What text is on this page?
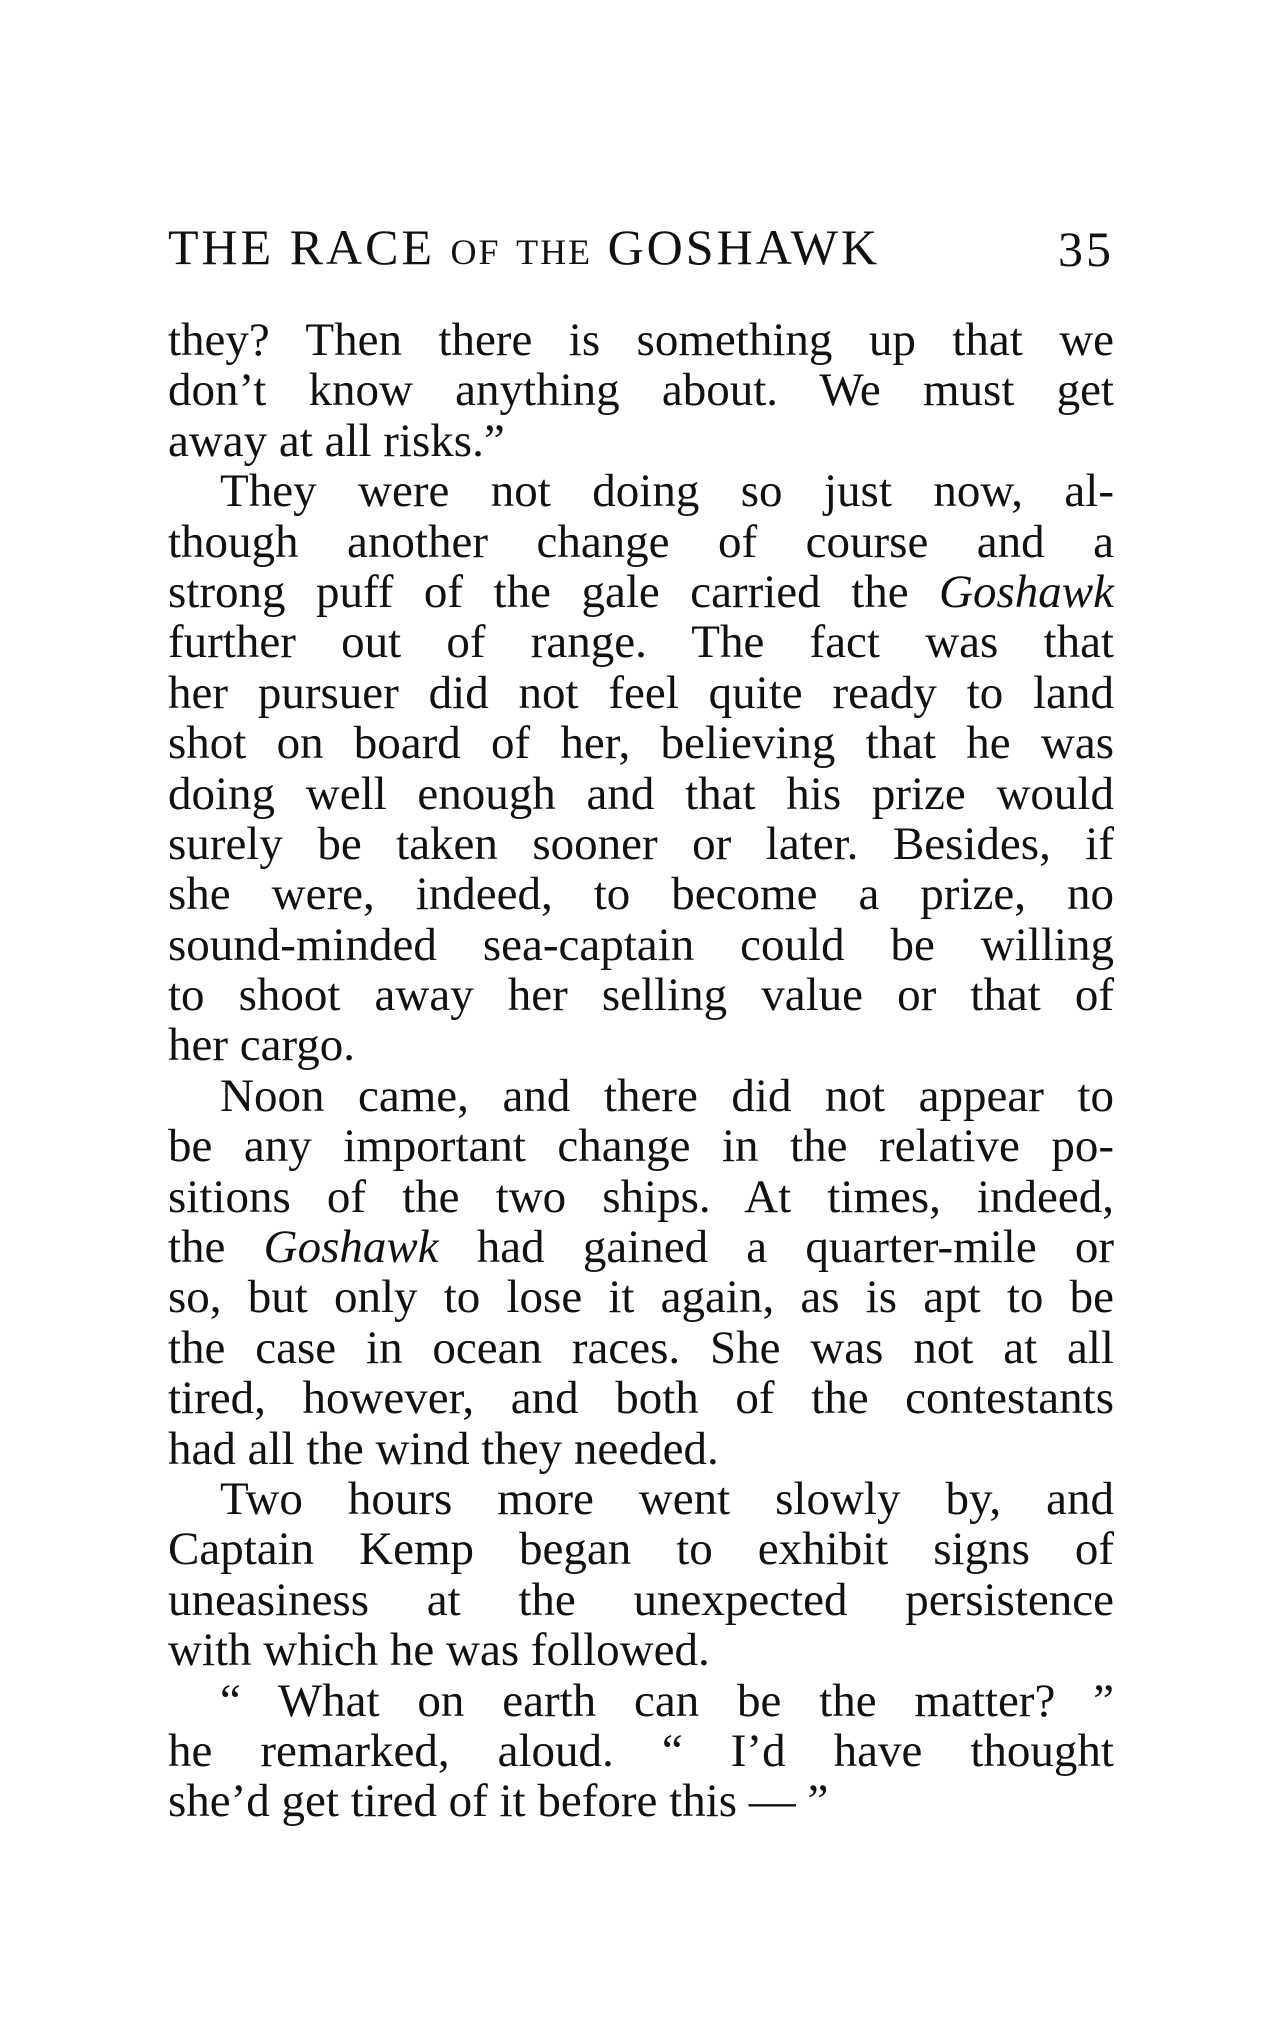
THE RACE OF THE GOSHAWK	35
they? Then there is something up that we
don’t know anything about. We must get
away at all risks.”
They were not doing so just now, al-
though another change of course and a
strong puff of the gale carried the Goshawk
further out of range. The fact was that
her pursuer did not feel quite ready to land
shot on board of her, believing that he was
doing well enough and that his prize would
surely be taken sooner or later. Besides, if
she were, indeed, to become a prize, no
sound-minded sea-captain could be willing
to shoot away her selling value or that of
her cargo.
Noon came, and there did not appear to
be any important change in the relative po-
sitions of the two ships. At times, indeed,
the Goshawk had gained a quarter-mile or
so, but only to lose it again, as is apt to be
the case in ocean races. She was not at all
tired, however, and both of the contestants
had all the wind they needed.
Two hours more went slowly by, and
Captain Kemp began to exhibit signs of
uneasiness at the unexpected persistence
with which he was followed.
“ What on earth can be the matter? ”
he remarked, aloud. “ I’d have thought
she’d get tired of it before this — ”
